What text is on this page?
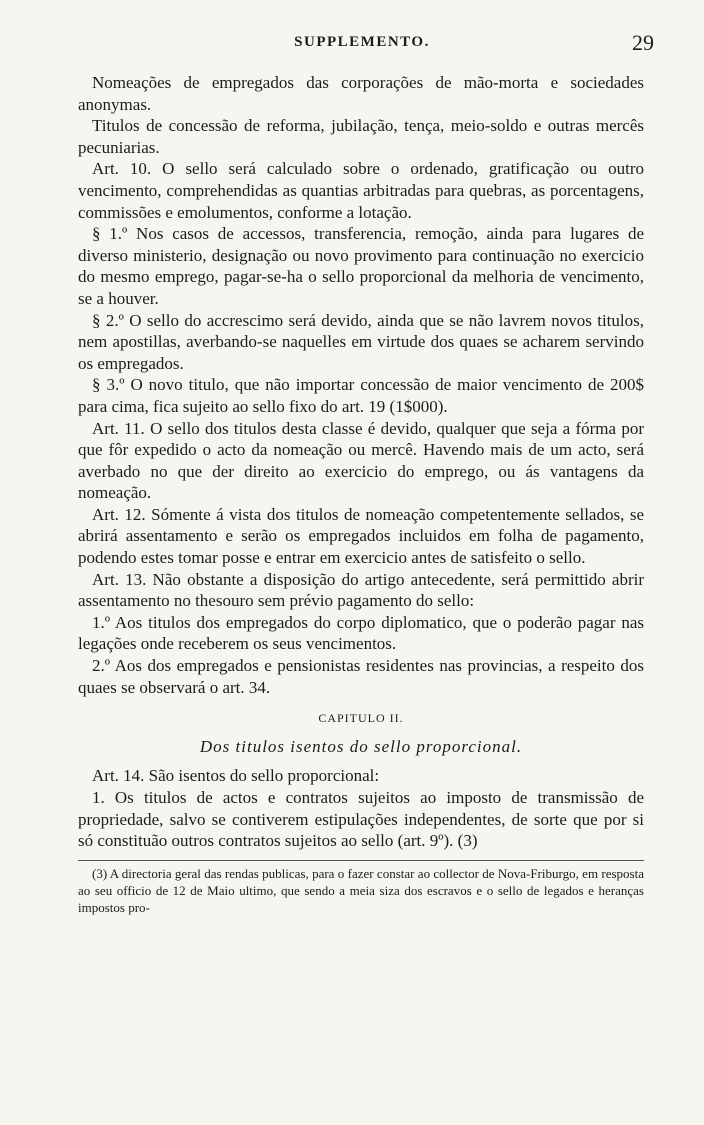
SUPPLEMENTO.	29

Nomeações de empregados das corporações de mão-morta e sociedades anonymas.

Titulos de concessão de reforma, jubilação, tença, meio-soldo e outras mercês pecuniarias.

Art. 10. O sello será calculado sobre o ordenado, gratificação ou outro vencimento, comprehendidas as quantias arbitradas para quebras, as porcentagens, commissões e emolumentos, conforme a lotação.

§ 1.º Nos casos de accessos, transferencia, remoção, ainda para lugares de diverso ministerio, designação ou novo provimento para continuação no exercicio do mesmo emprego, pagar-se-ha o sello proporcional da melhoria de vencimento, se a houver.

§ 2.º O sello do accrescimo será devido, ainda que se não lavrem novos titulos, nem apostillas, averbando-se naquelles em virtude dos quaes se acharem servindo os empregados.

§ 3.º O novo titulo, que não importar concessão de maior vencimento de 200$ para cima, fica sujeito ao sello fixo do art. 19 (1$000).

Art. 11. O sello dos titulos desta classe é devido, qualquer que seja a fórma por que fôr expedido o acto da nomeação ou mercê. Havendo mais de um acto, será averbado no que der direito ao exercicio do emprego, ou ás vantagens da nomeação.

Art. 12. Sómente á vista dos titulos de nomeação competentemente sellados, se abrirá assentamento e serão os empregados incluidos em folha de pagamento, podendo estes tomar posse e entrar em exercicio antes de satisfeito o sello.

Art. 13. Não obstante a disposição do artigo antecedente, será permittido abrir assentamento no thesouro sem prévio pagamento do sello:

1.º Aos titulos dos empregados do corpo diplomatico, que o poderão pagar nas legações onde receberem os seus vencimentos.

2.º Aos dos empregados e pensionistas residentes nas provincias, a respeito dos quaes se observará o art. 34.

CAPITULO II.

Dos titulos isentos do sello proporcional.

Art. 14. São isentos do sello proporcional:

1. Os titulos de actos e contratos sujeitos ao imposto de transmissão de propriedade, salvo se contiverem estipulações independentes, de sorte que por si só constituão outros contratos sujeitos ao sello (art. 9º). (3)

(3) A directoria geral das rendas publicas, para o fazer constar ao collector de Nova-Friburgo, em resposta ao seu officio de 12 de Maio ultimo, que sendo a meia siza dos escravos e o sello de legados e heranças impostos pro-
